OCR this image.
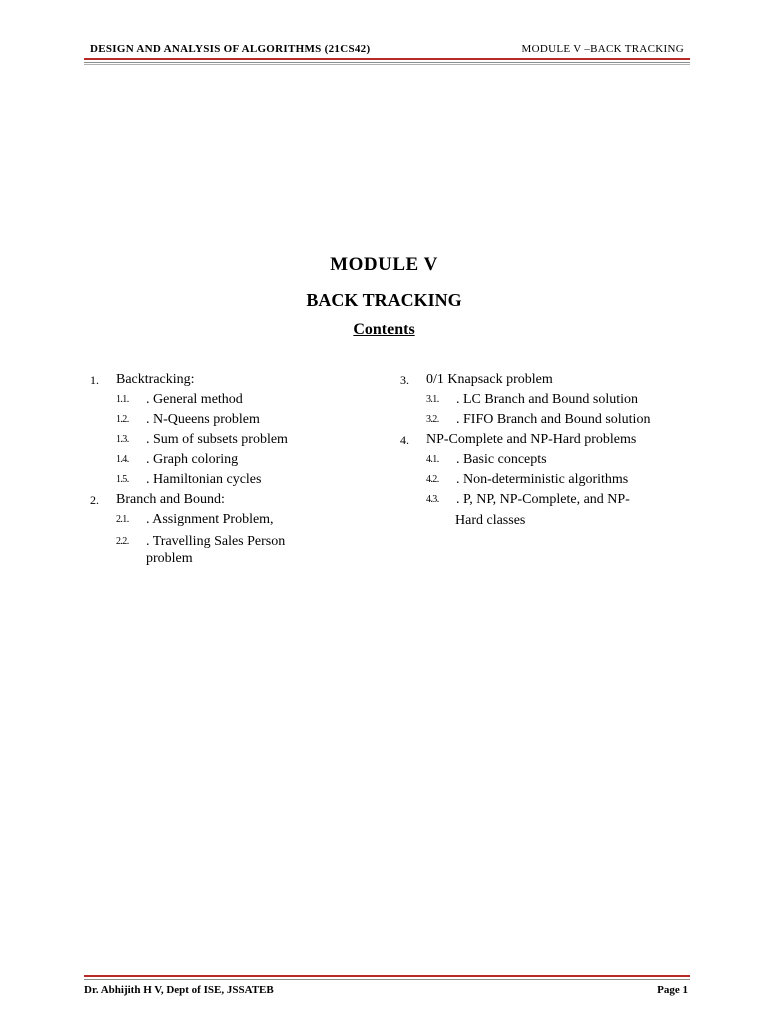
DESIGN AND ANALYSIS OF ALGORITHMS (21CS42)	MODULE V –BACK TRACKING
MODULE V
BACK TRACKING
Contents
1.	Backtracking:
1.1.	. General method
1.2.	. N-Queens problem
1.3.	. Sum of subsets problem
1.4.	. Graph coloring
1.5.	. Hamiltonian cycles
2.	Branch and Bound:
2.1.	. Assignment Problem,
2.2.	. Travelling Sales Person
problem
3.	0/1 Knapsack problem
3.1.	. LC Branch and Bound solution
3.2.	. FIFO Branch and Bound solution
4.	NP-Complete and NP-Hard problems
4.1.	. Basic concepts
4.2.	. Non-deterministic algorithms
4.3.	. P, NP, NP-Complete, and NP-
Hard classes
Dr. Abhijith H V, Dept of ISE, JSSATEB	Page 1
